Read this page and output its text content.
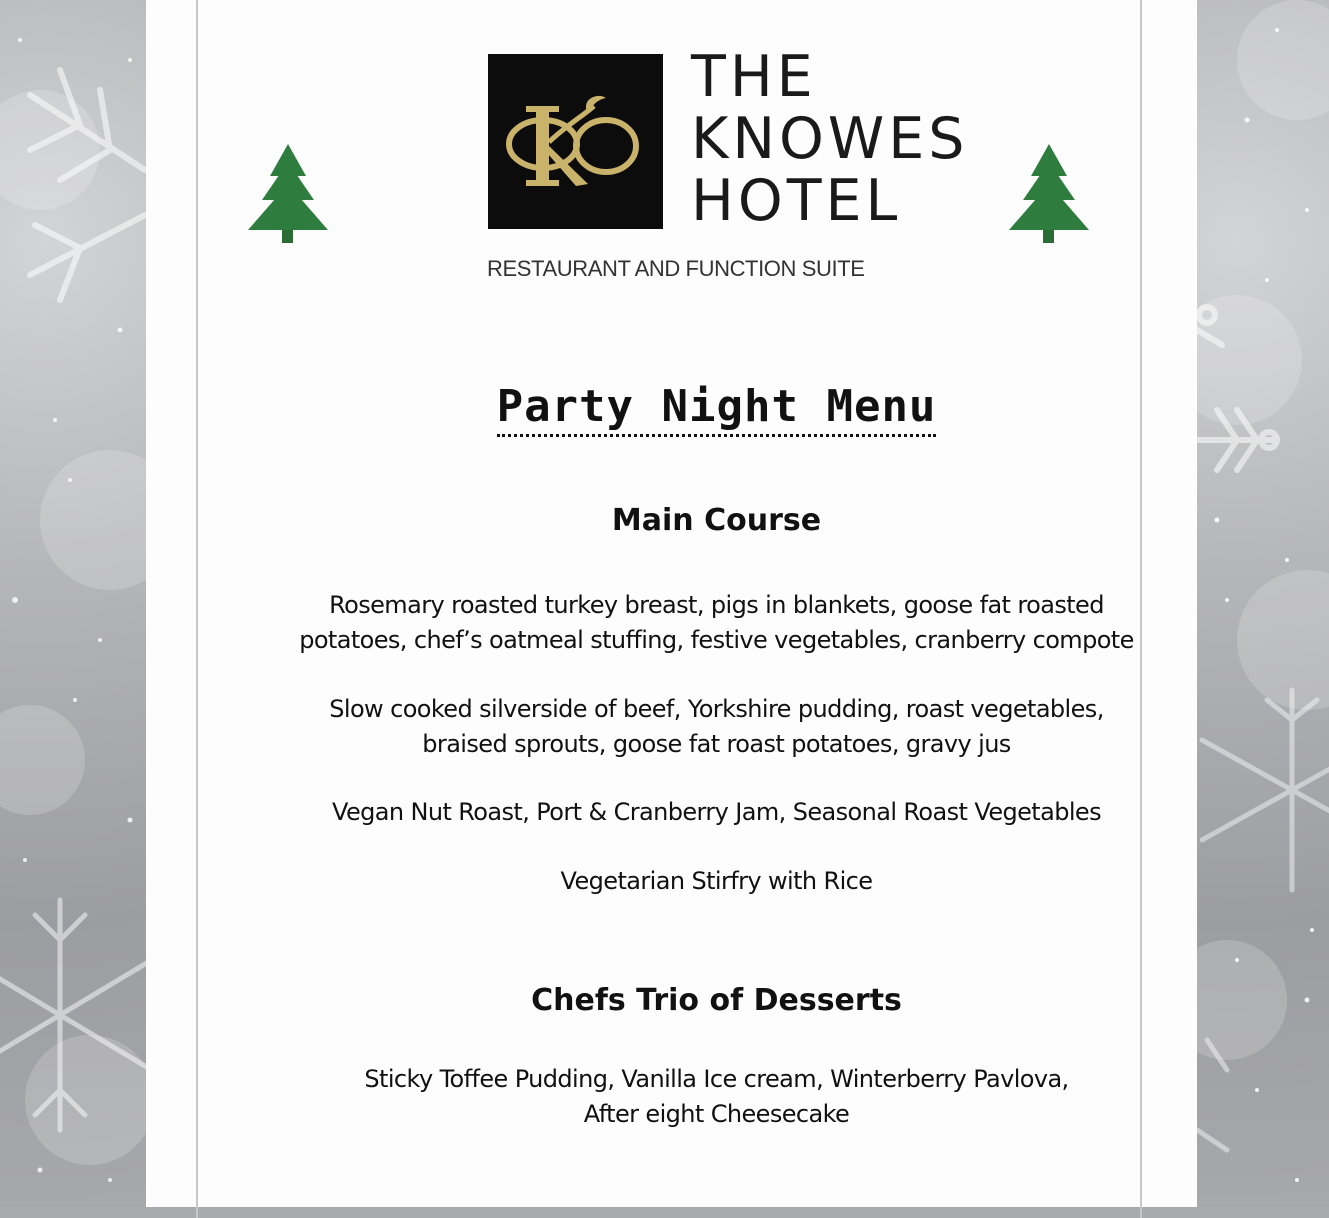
THE
KNOWES
HOTEL
RESTAURANT AND FUNCTION SUITE
Party Night Menu
Main Course
Rosemary roasted turkey breast, pigs in blankets, goose fat roasted
potatoes, chef’s oatmeal stuffing, festive vegetables, cranberry compote
Slow cooked silverside of beef, Yorkshire pudding, roast vegetables,
braised sprouts, goose fat roast potatoes, gravy jus
Vegan Nut Roast, Port & Cranberry Jam, Seasonal Roast Vegetables
Vegetarian Stirfry with Rice
Chefs Trio of Desserts
Sticky Toffee Pudding, Vanilla Ice cream, Winterberry Pavlova,
After eight Cheesecake
